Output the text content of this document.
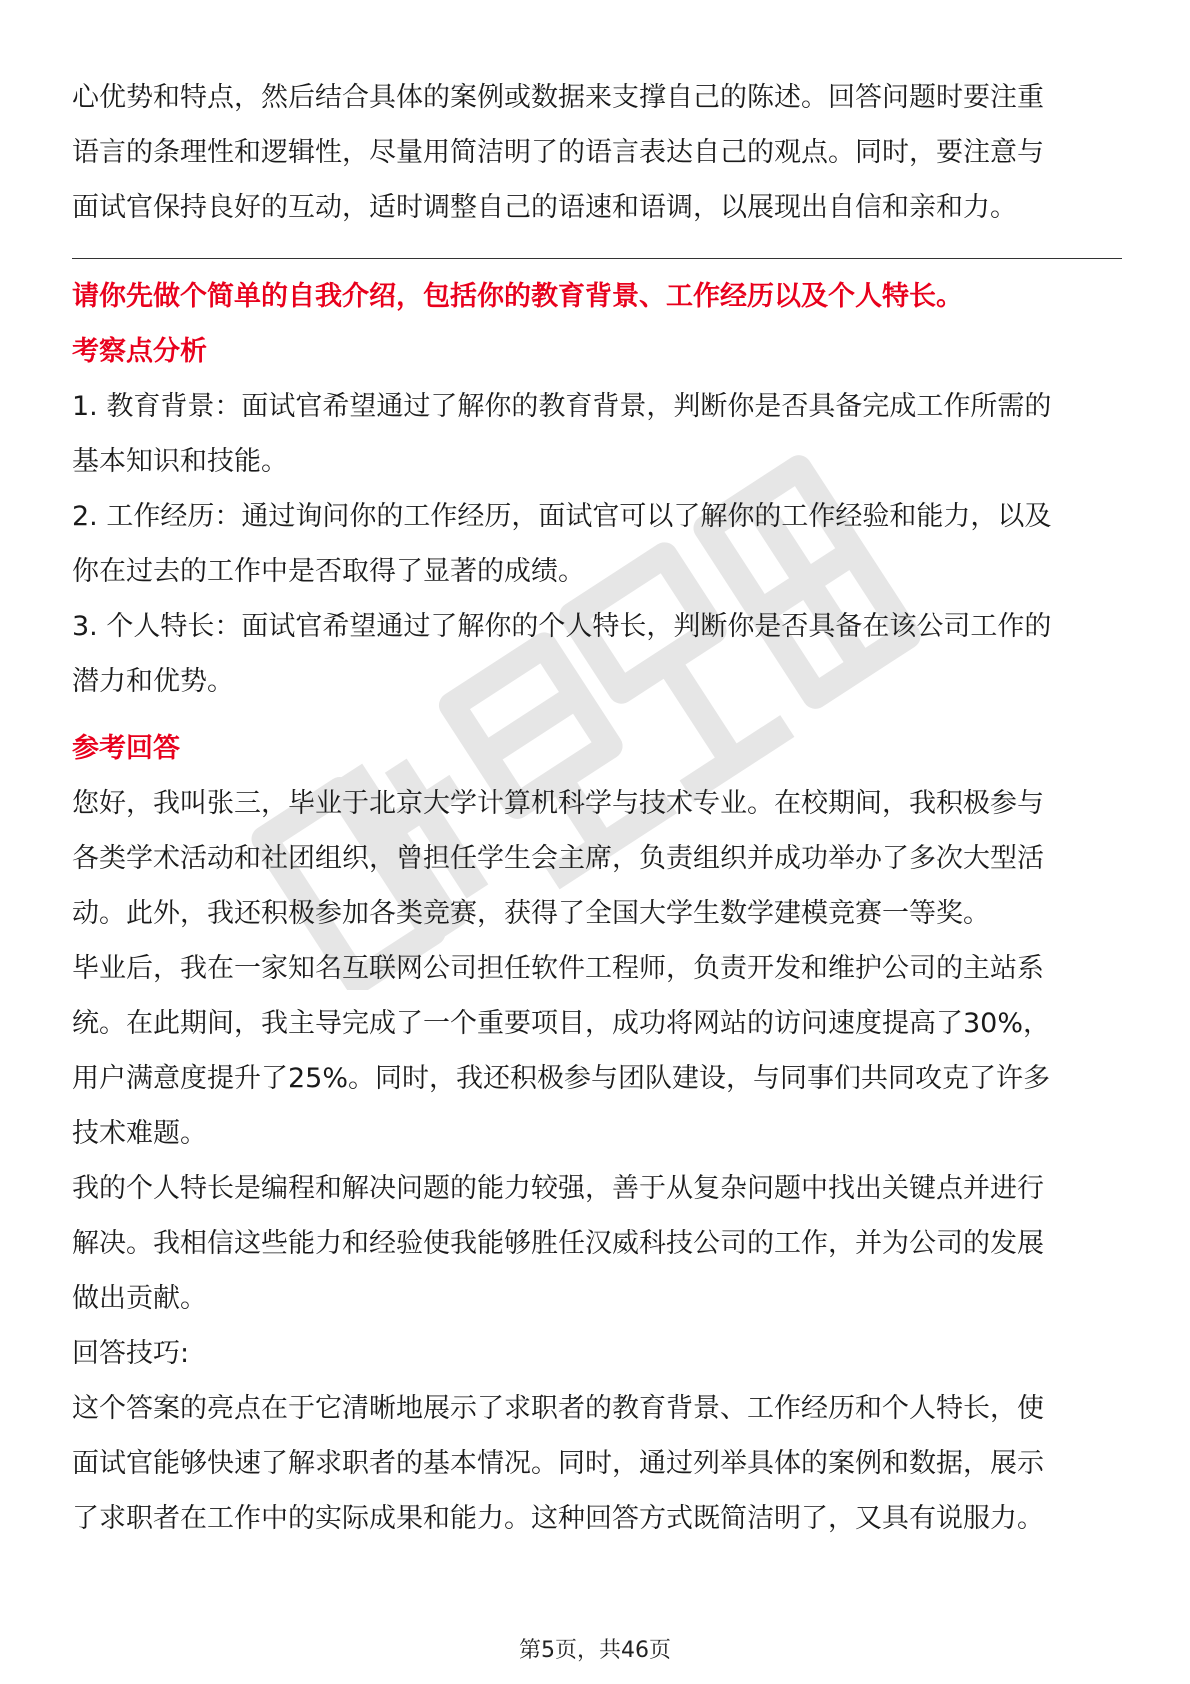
心优势和特点，然后结合具体的案例或数据来支撑自己的陈述。回答问题时要注重

语言的条理性和逻辑性，尽量用简洁明了的语言表达自己的观点。同时，要注意与

面试官保持良好的互动，适时调整自己的语速和语调，以展现出自信和亲和力。

请你先做个简单的自我介绍，包括你的教育背景、工作经历以及个人特长。

考察点分析

1. 教育背景：面试官希望通过了解你的教育背景，判断你是否具备完成工作所需的

基本知识和技能。

2. 工作经历：通过询问你的工作经历，面试官可以了解你的工作经验和能力，以及

你在过去的工作中是否取得了显著的成绩。

3. 个人特长：面试官希望通过了解你的个人特长，判断你是否具备在该公司工作的

潜力和优势。

参考回答

您好，我叫张三，毕业于北京大学计算机科学与技术专业。在校期间，我积极参与

各类学术活动和社团组织，曾担任学生会主席，负责组织并成功举办了多次大型活

动。此外，我还积极参加各类竞赛，获得了全国大学生数学建模竞赛一等奖。

毕业后，我在一家知名互联网公司担任软件工程师，负责开发和维护公司的主站系

统。在此期间，我主导完成了一个重要项目，成功将网站的访问速度提高了30%，

用户满意度提升了25%。同时，我还积极参与团队建设，与同事们共同攻克了许多

技术难题。

我的个人特长是编程和解决问题的能力较强，善于从复杂问题中找出关键点并进行

解决。我相信这些能力和经验使我能够胜任汉威科技公司的工作，并为公司的发展

做出贡献。

回答技巧:

这个答案的亮点在于它清晰地展示了求职者的教育背景、工作经历和个人特长，使

面试官能够快速了解求职者的基本情况。同时，通过列举具体的案例和数据，展示

了求职者在工作中的实际成果和能力。这种回答方式既简洁明了，又具有说服力。

第5页，共46页
